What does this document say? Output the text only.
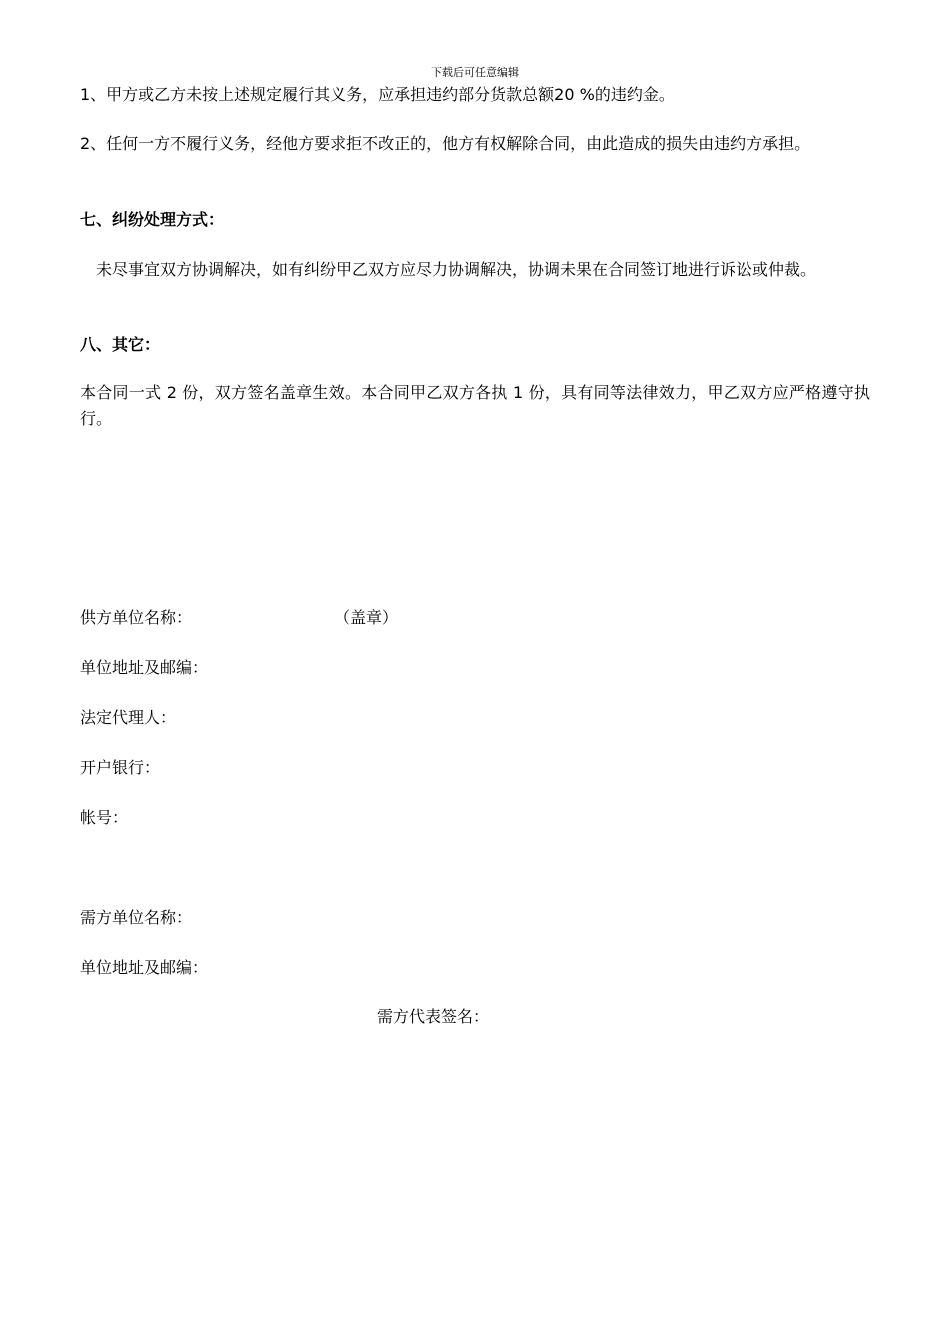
下载后可任意编辑
1、甲方或乙方未按上述规定履行其义务，应承担违约部分货款总额20 %的违约金。
2、任何一方不履行义务，经他方要求拒不改正的，他方有权解除合同，由此造成的损失由违约方承担。
七、纠纷处理方式：
未尽事宜双方协调解决，如有纠纷甲乙双方应尽力协调解决，协调未果在合同签订地进行诉讼或仲裁。
八、其它：
本合同一式 2 份，双方签名盖章生效。本合同甲乙双方各执 1 份，具有同等法律效力，甲乙双方应严格遵守执行。
供方单位名称：	（盖章）
单位地址及邮编：
法定代理人：
开户银行：
帐号：
需方单位名称：
单位地址及邮编：
需方代表签名：
